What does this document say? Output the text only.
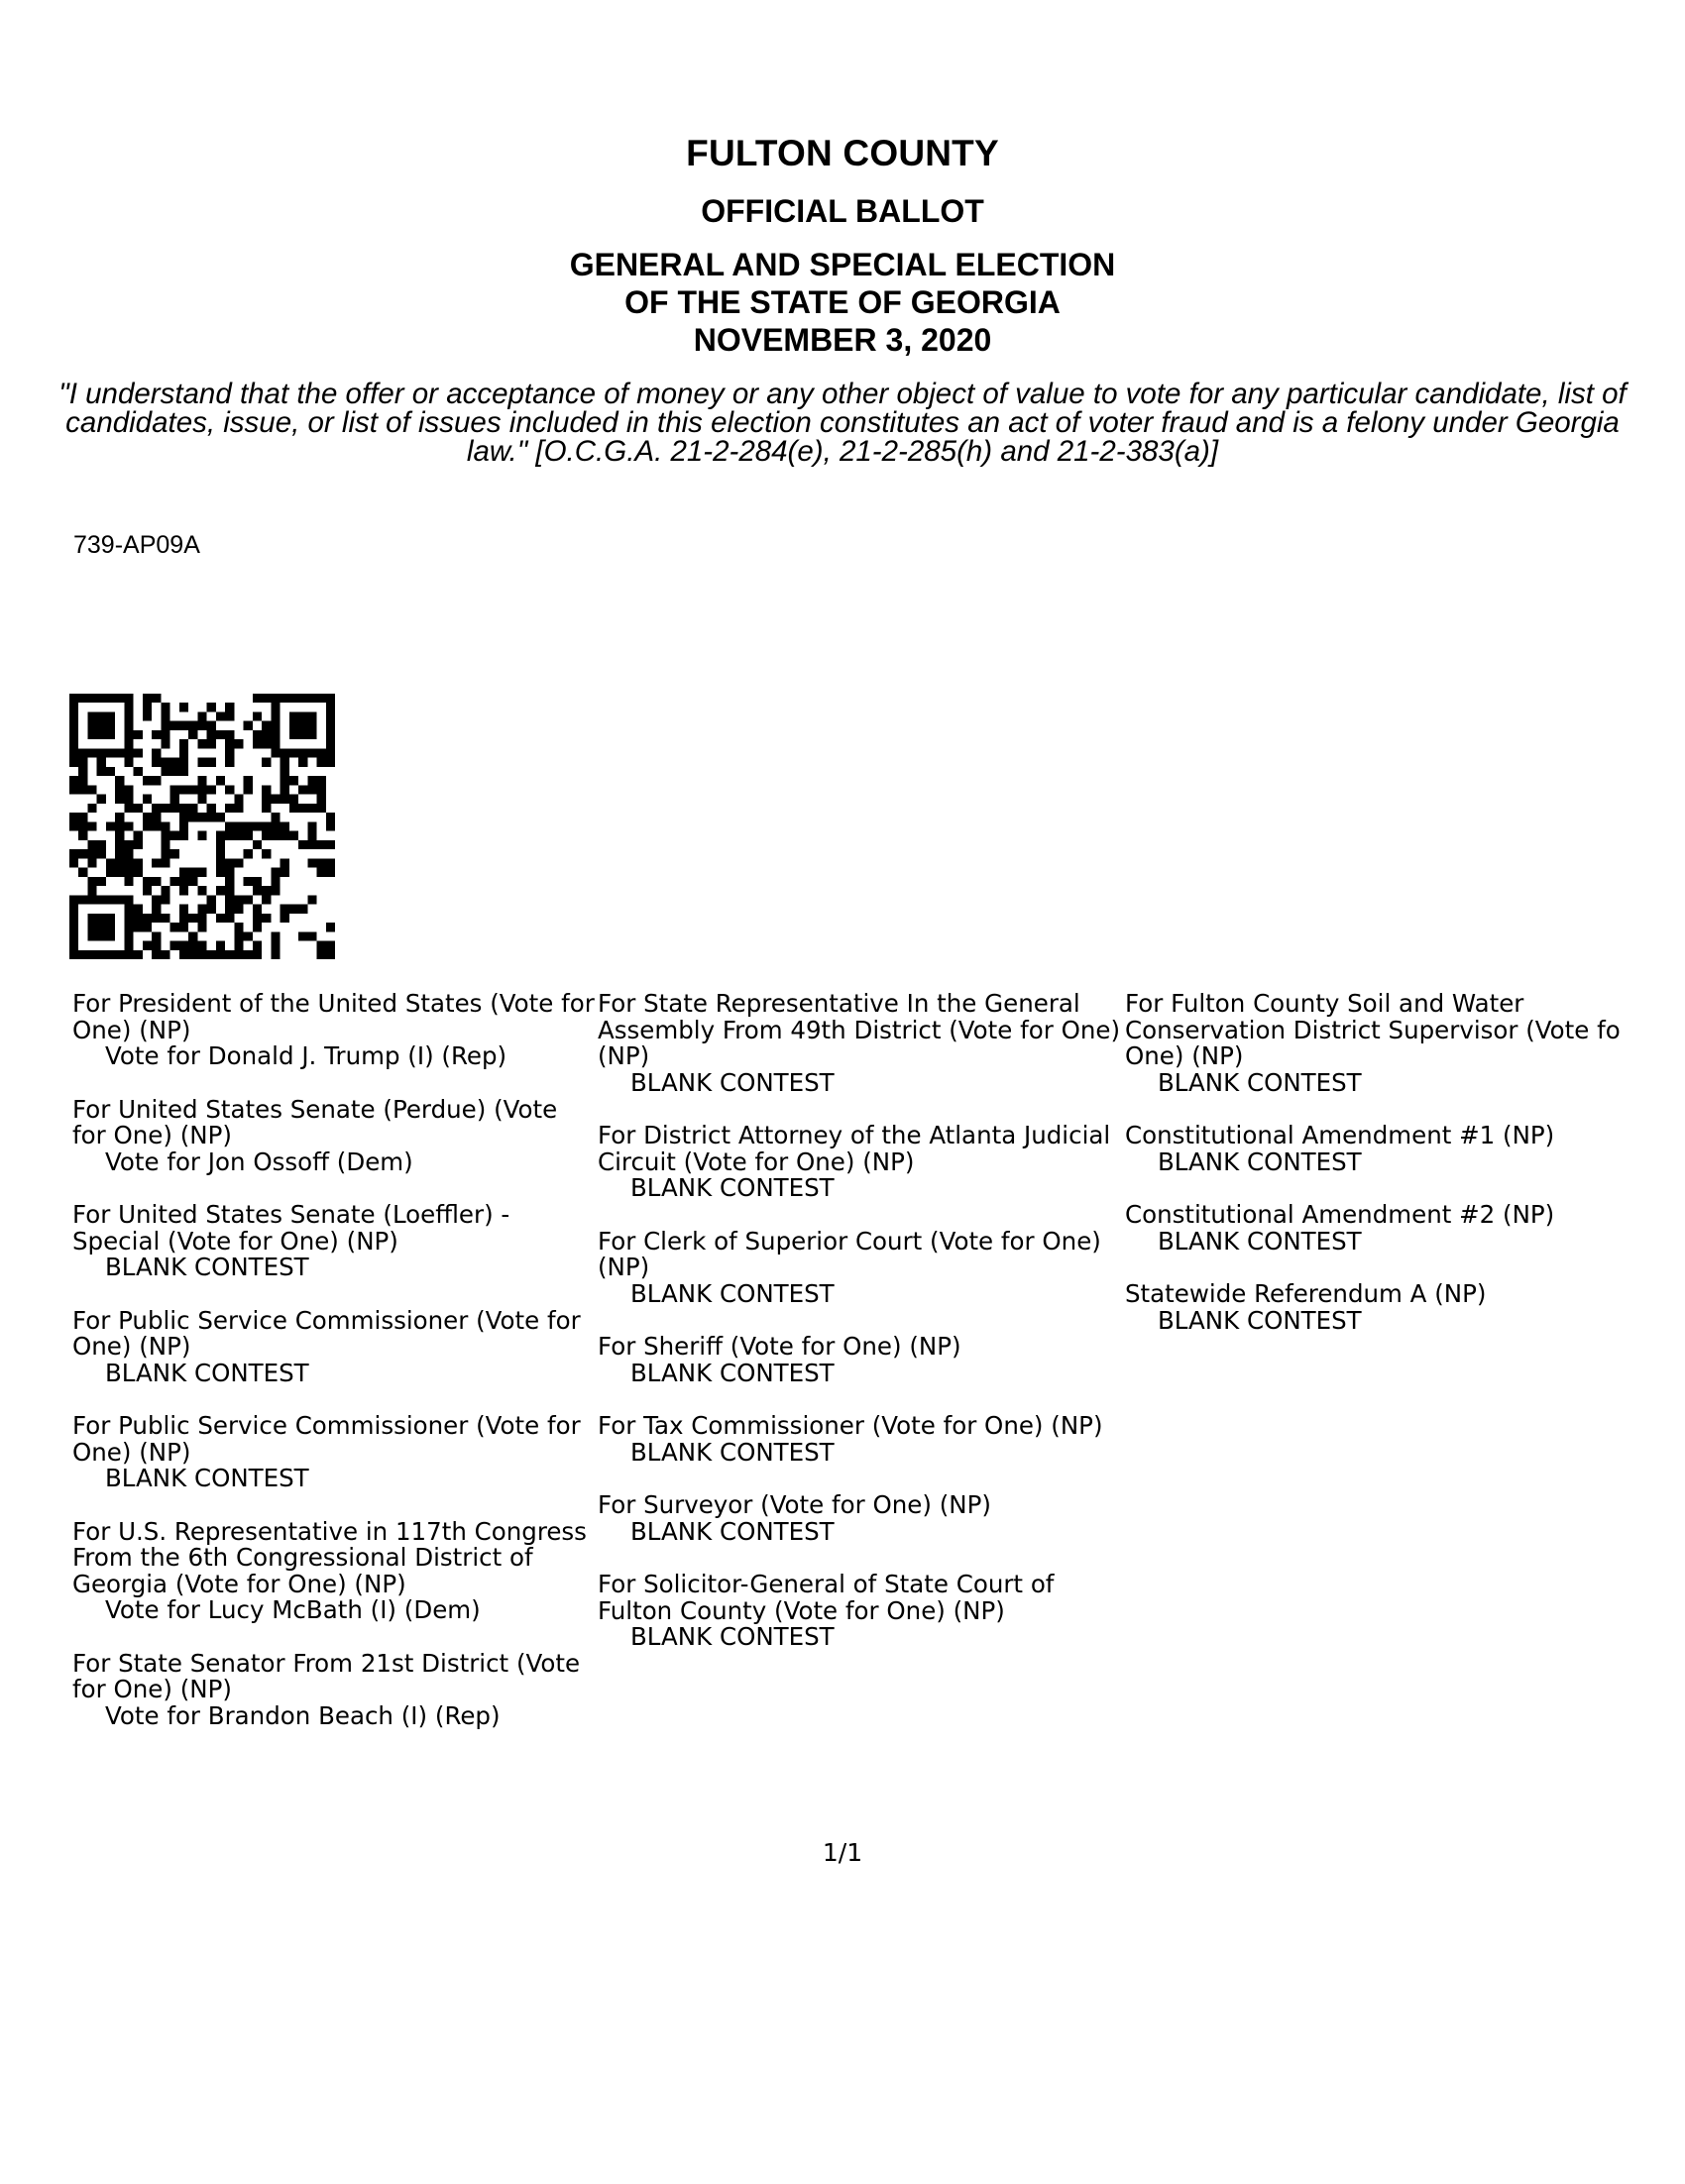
FULTON COUNTY
OFFICIAL BALLOT
GENERAL AND SPECIAL ELECTION
OF THE STATE OF GEORGIA
NOVEMBER 3, 2020

"I understand that the offer or acceptance of money or any other object of value to vote for any particular candidate, list of candidates, issue, or list of issues included in this election constitutes an act of voter fraud and is a felony under Georgia law." [O.C.G.A. 21-2-284(e), 21-2-285(h) and 21-2-383(a)]

739-AP09A

For President of the United States (Vote for One) (NP)
Vote for Donald J. Trump (I) (Rep)
For United States Senate (Perdue) (Vote for One) (NP)
Vote for Jon Ossoff (Dem)
For United States Senate (Loeffler) - Special (Vote for One) (NP)
BLANK CONTEST
For Public Service Commissioner (Vote for One) (NP)
BLANK CONTEST
For Public Service Commissioner (Vote for One) (NP)
BLANK CONTEST
For U.S. Representative in 117th Congress From the 6th Congressional District of Georgia (Vote for One) (NP)
Vote for Lucy McBath (I) (Dem)
For State Senator From 21st District (Vote for One) (NP)
Vote for Brandon Beach (I) (Rep)
For State Representative In the General Assembly From 49th District (Vote for One) (NP)
BLANK CONTEST
For District Attorney of the Atlanta Judicial Circuit (Vote for One) (NP)
BLANK CONTEST
For Clerk of Superior Court (Vote for One) (NP)
BLANK CONTEST
For Sheriff (Vote for One) (NP)
BLANK CONTEST
For Tax Commissioner (Vote for One) (NP)
BLANK CONTEST
For Surveyor (Vote for One) (NP)
BLANK CONTEST
For Solicitor-General of State Court of Fulton County (Vote for One) (NP)
BLANK CONTEST
For Fulton County Soil and Water
Conservation District Supervisor (Vote fo
One) (NP)
BLANK CONTEST
Constitutional Amendment #1 (NP)
BLANK CONTEST
Constitutional Amendment #2 (NP)
BLANK CONTEST
Statewide Referendum A (NP)
BLANK CONTEST

1/1
